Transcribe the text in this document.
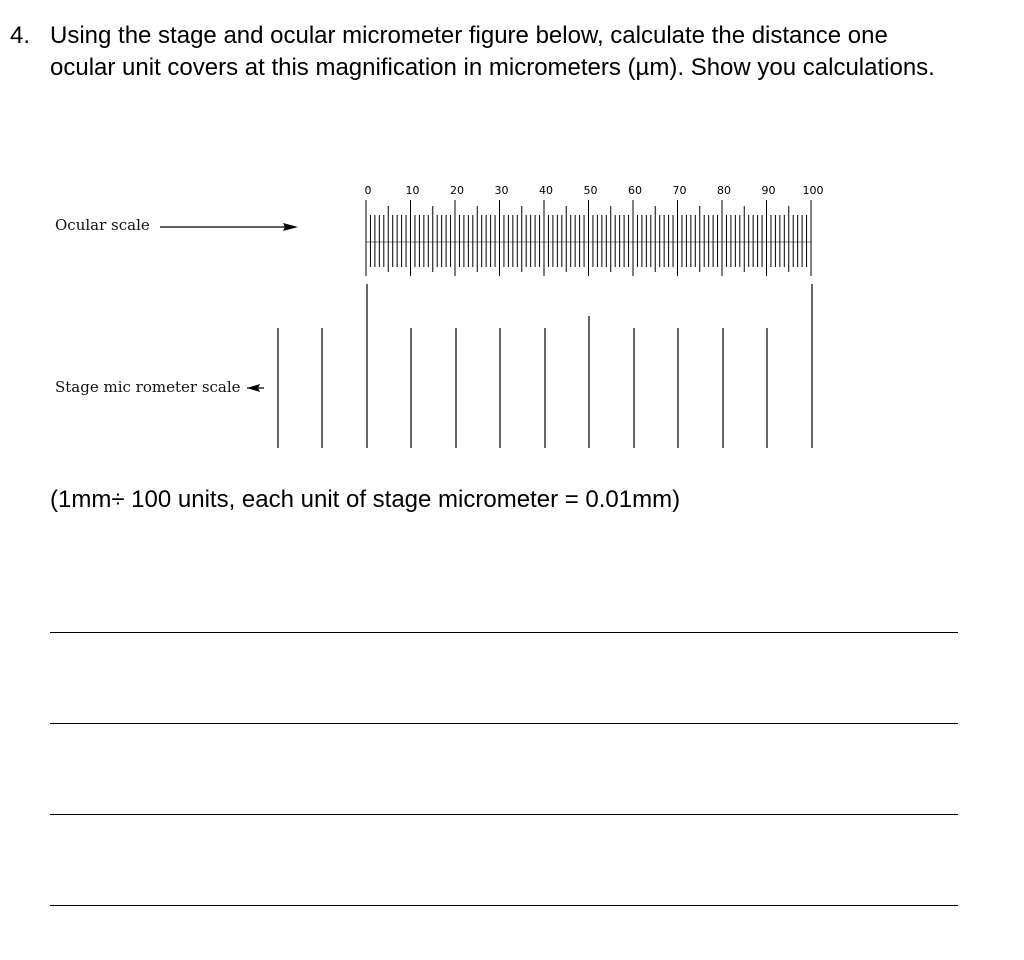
4. Using the stage and ocular micrometer figure below, calculate the distance one
ocular unit covers at this magnification in micrometers (µm). Show you calculations.
0	10	20	30	40	50	60	70	80	90 100
Ocular scale
Stage mic rometer scale
(1mm÷ 100 units, each unit of stage micrometer = 0.01mm)
